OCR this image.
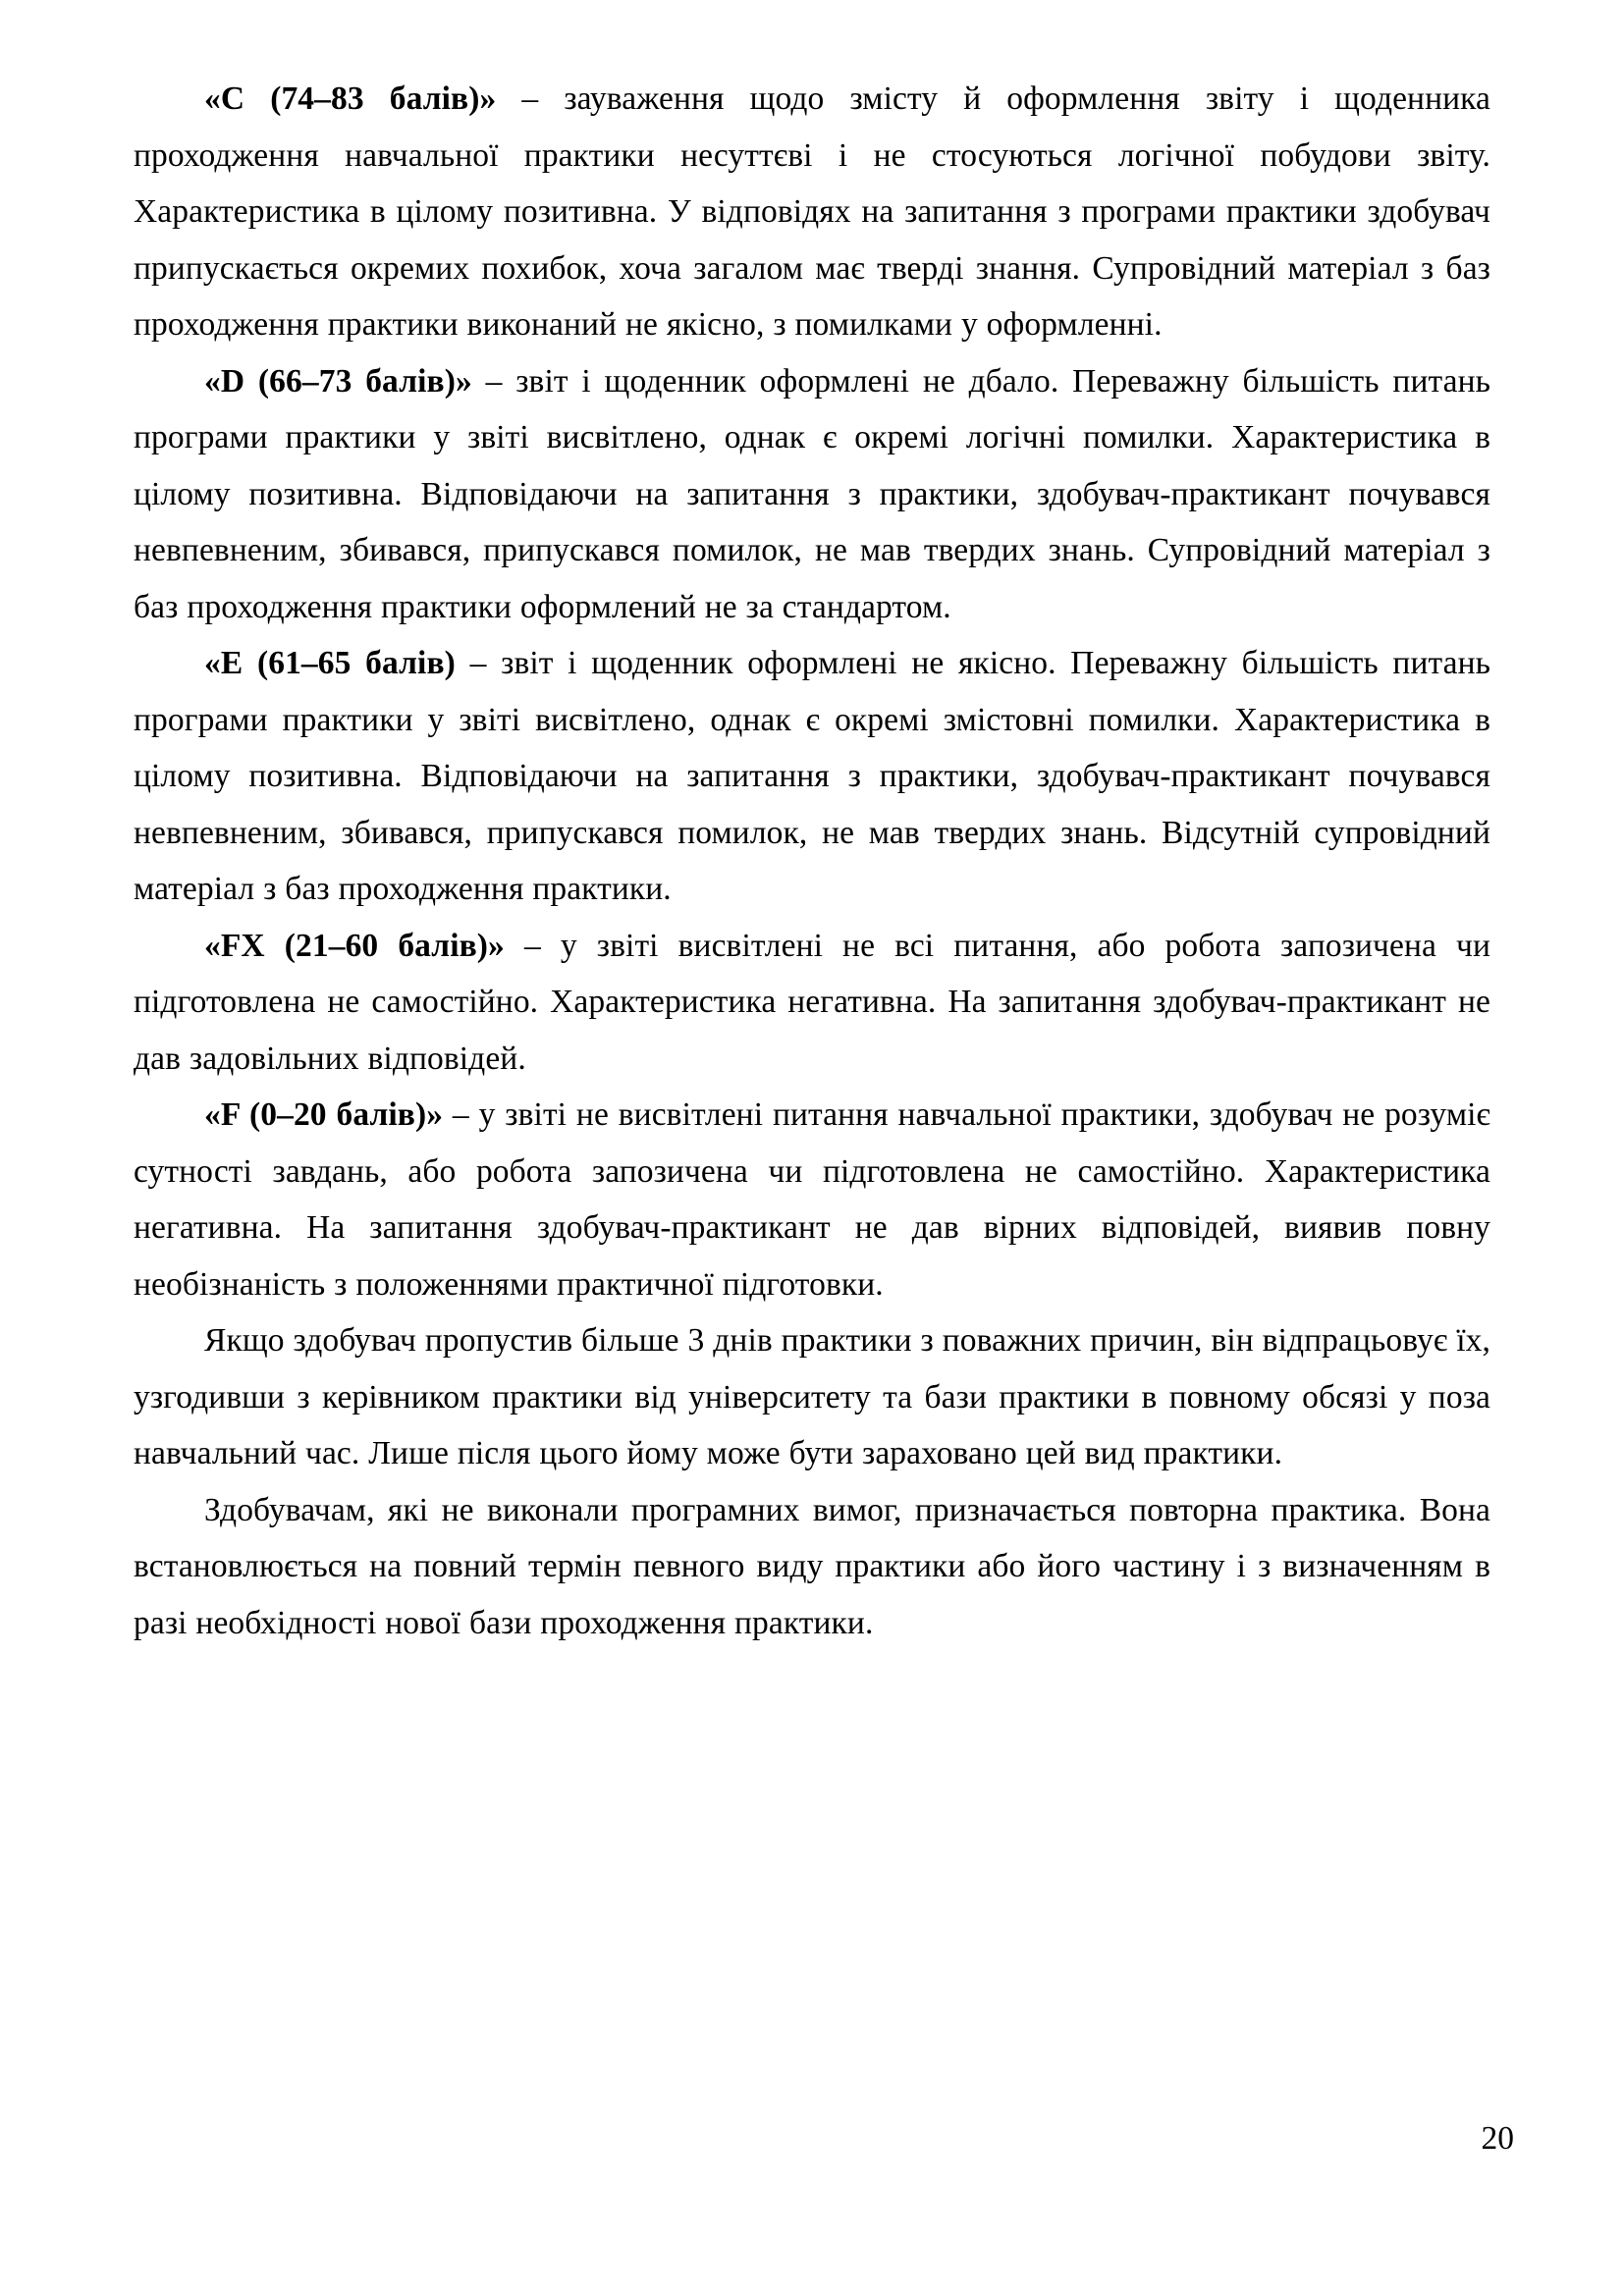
«C (74–83 балів)» – зауваження щодо змісту й оформлення звіту і щоденника проходження навчальної практики несуттєві і не стосуються логічної побудови звіту. Характеристика в цілому позитивна. У відповідях на запитання з програми практики здобувач припускається окремих похибок, хоча загалом має тверді знання. Супровідний матеріал з баз проходження практики виконаний не якісно, з помилками у оформленні.

«D (66–73 балів)» – звіт і щоденник оформлені не дбало. Переважну більшість питань програми практики у звіті висвітлено, однак є окремі логічні помилки. Характеристика в цілому позитивна. Відповідаючи на запитання з практики, здобувач-практикант почувався невпевненим, збивався, припускався помилок, не мав твердих знань. Супровідний матеріал з баз проходження практики оформлений не за стандартом.

«E (61–65 балів) – звіт і щоденник оформлені не якісно. Переважну більшість питань програми практики у звіті висвітлено, однак є окремі змістовні помилки. Характеристика в цілому позитивна. Відповідаючи на запитання з практики, здобувач-практикант почувався невпевненим, збивався, припускався помилок, не мав твердих знань. Відсутній супровідний матеріал з баз проходження практики.

«FX (21–60 балів)» – у звіті висвітлені не всі питання, або робота запозичена чи підготовлена не самостійно. Характеристика негативна. На запитання здобувач-практикант не дав задовільних відповідей.

«F (0–20 балів)» – у звіті не висвітлені питання навчальної практики, здобувач не розуміє сутності завдань, або робота запозичена чи підготовлена не самостійно. Характеристика негативна. На запитання здобувач-практикант не дав вірних відповідей, виявив повну необізнаність з положеннями практичної підготовки.

Якщо здобувач пропустив більше 3 днів практики з поважних причин, він відпрацьовує їх, узгодивши з керівником практики від університету та бази практики в повному обсязі у поза навчальний час. Лише після цього йому може бути зараховано цей вид практики.

Здобувачам, які не виконали програмних вимог, призначається повторна практика. Вона встановлюється на повний термін певного виду практики або його частину і з визначенням в разі необхідності нової бази проходження практики.

20
